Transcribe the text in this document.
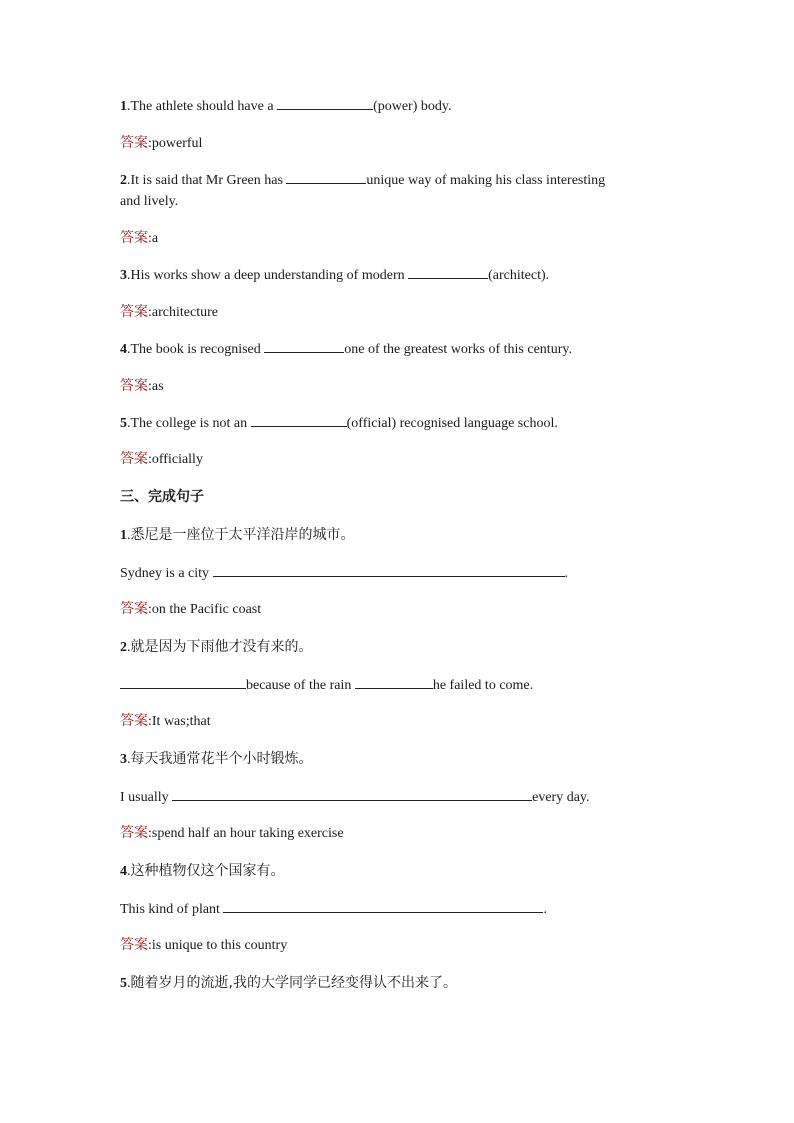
1.The athlete should have a	(power) body.
答案:powerful
2.It is said that Mr Green has	unique way of making his class interesting
and lively.
答案:a
3.His works show a deep understanding of modern	(architect).
答案:architecture
4.The book is recognised	one of the greatest works of this century.
答案:as
5.The college is not an	(official) recognised language school.
答案:officially
三、完成句子
1.悉尼是一座位于太平洋沿岸的城市。
Sydney is a city	.
答案:on the Pacific coast
2.就是因为下雨他才没有来的。
because of the rain	he failed to come.
答案:It was;that
3.每天我通常花半个小时锻炼。
I usually	every day.
答案:spend half an hour taking exercise
4.这种植物仅这个国家有。
This kind of plant	.
答案:is unique to this country
5.随着岁月的流逝,我的大学同学已经变得认不出来了。
